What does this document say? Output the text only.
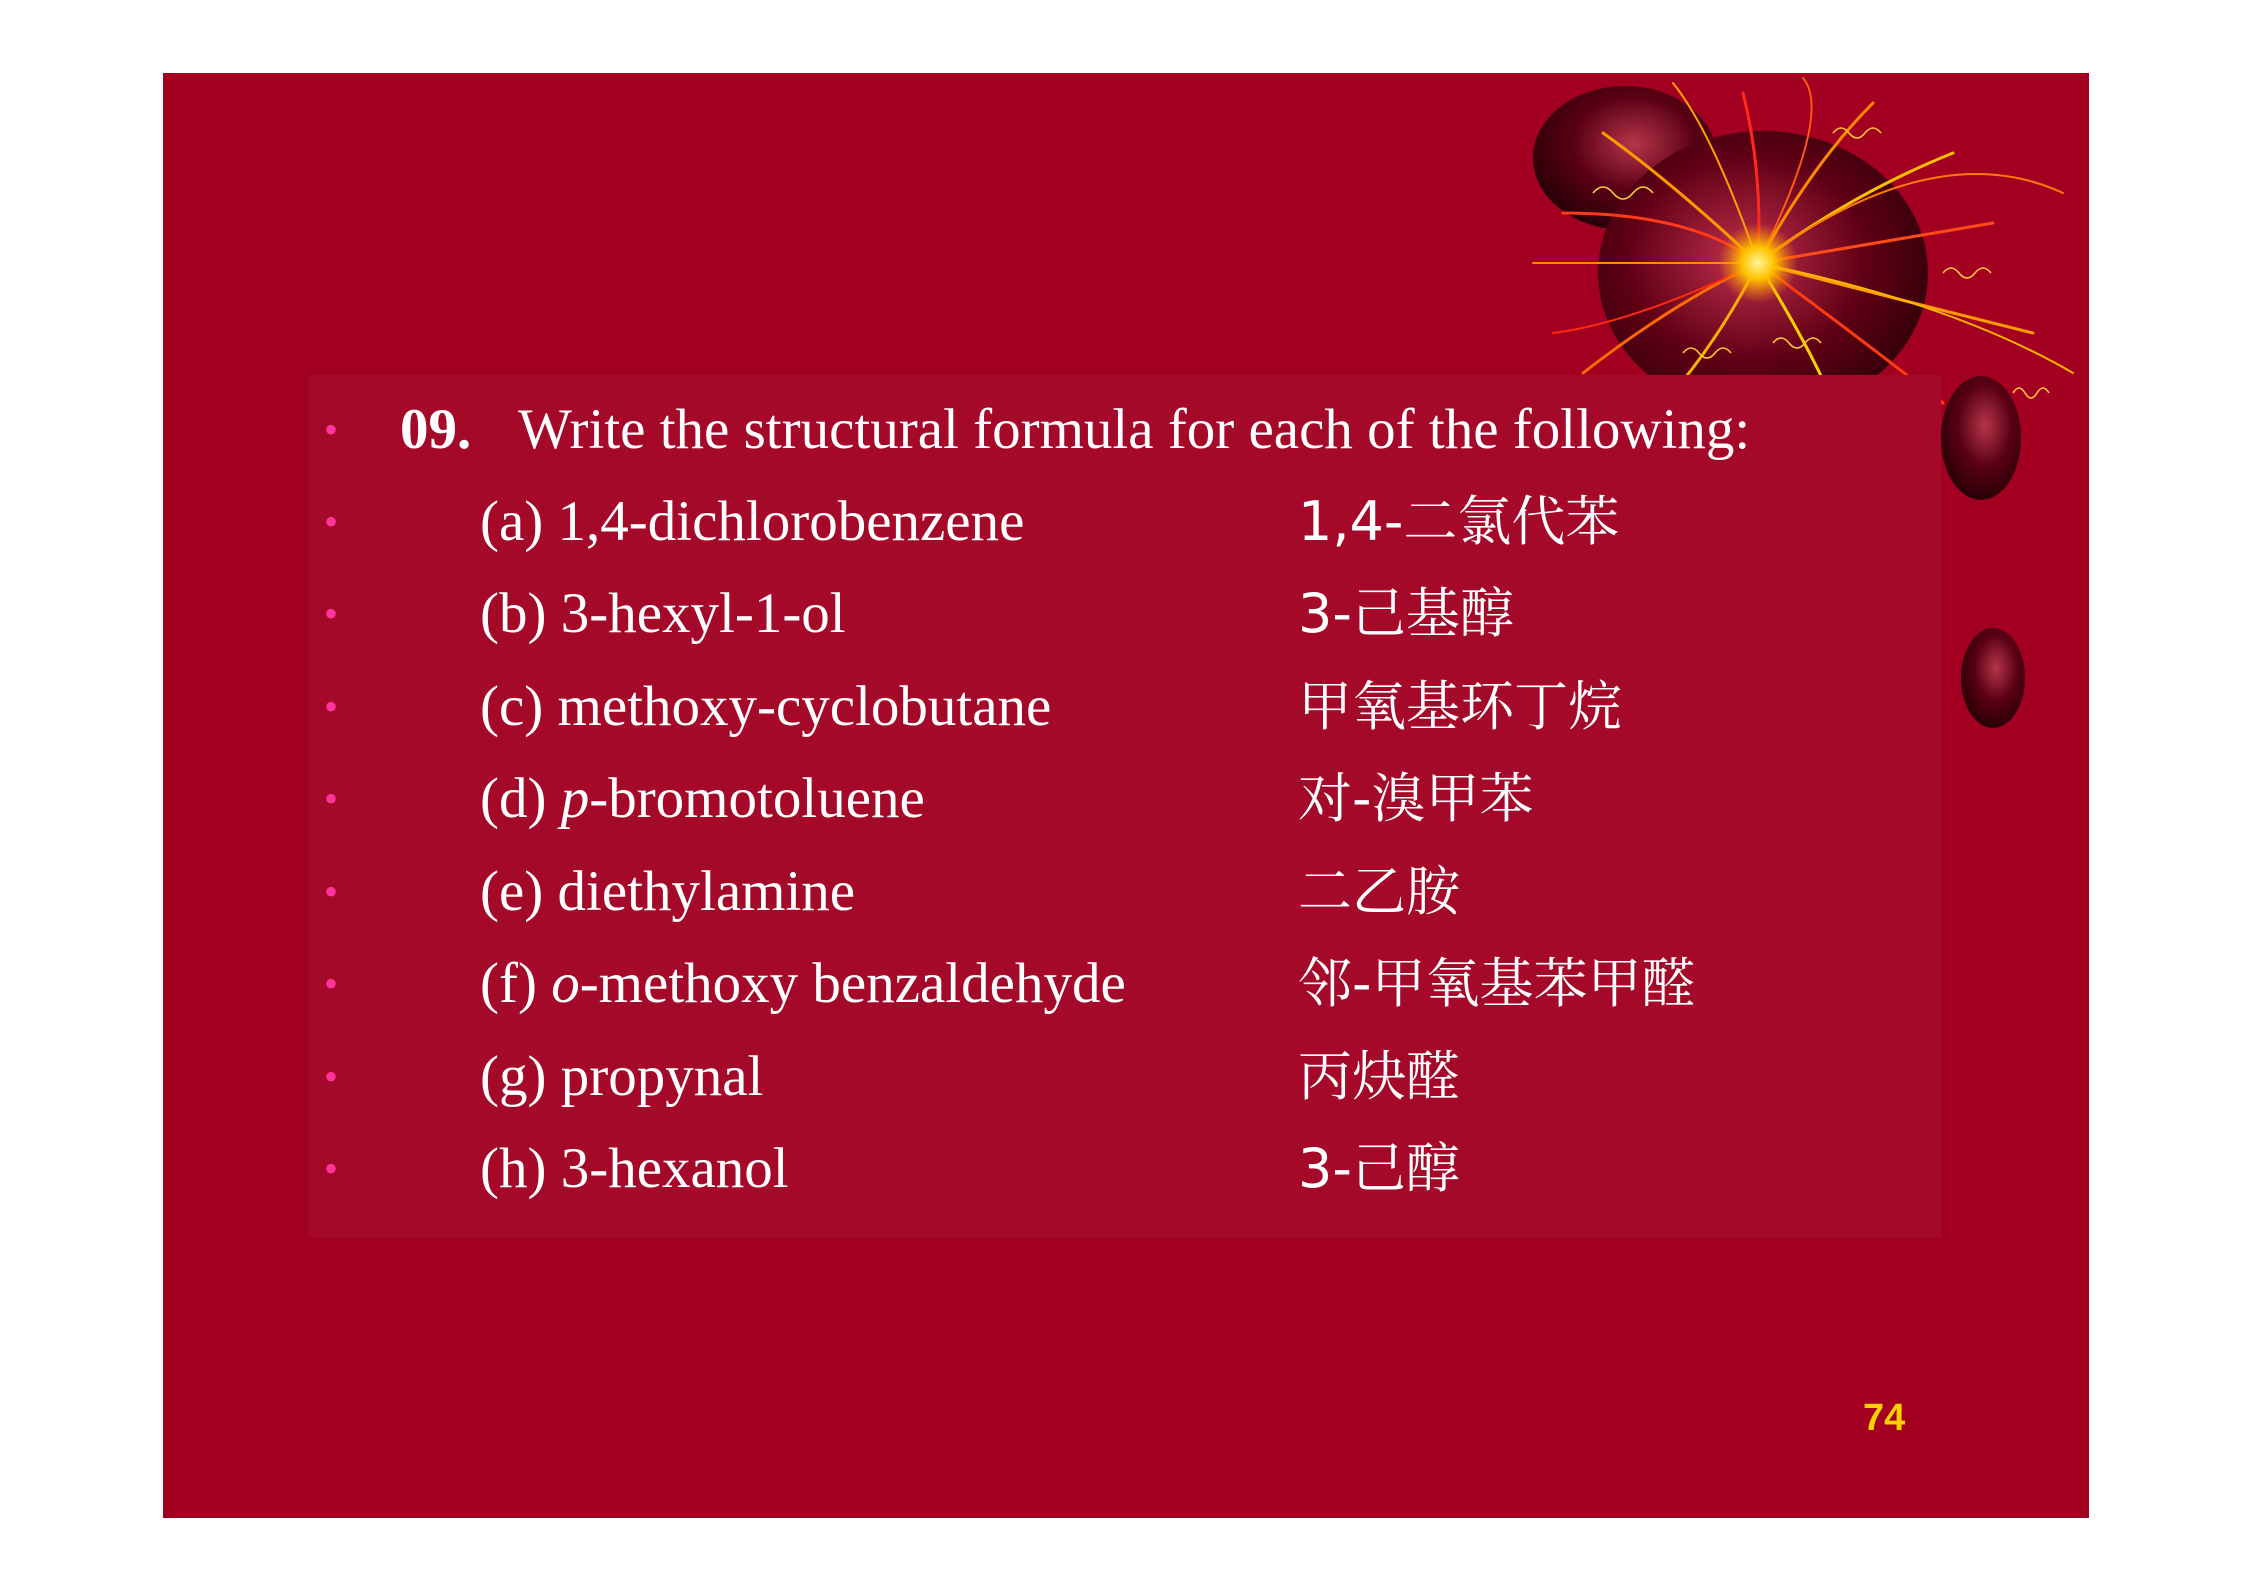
• 09. Write the structural formula for each of the following:
• (a) 1,4-dichlorobenzene	1,4-二氯代苯
• (b) 3-hexyl-1-ol	3-己基醇
• (c) methoxy-cyclobutane	甲氧基环丁烷
• (d) p-bromotoluene	对-溴甲苯
• (e) diethylamine	二乙胺
• (f) o-methoxy benzaldehyde	邻-甲氧基苯甲醛
• (g) propynal	丙炔醛
• (h) 3-hexanol	3-己醇
74
